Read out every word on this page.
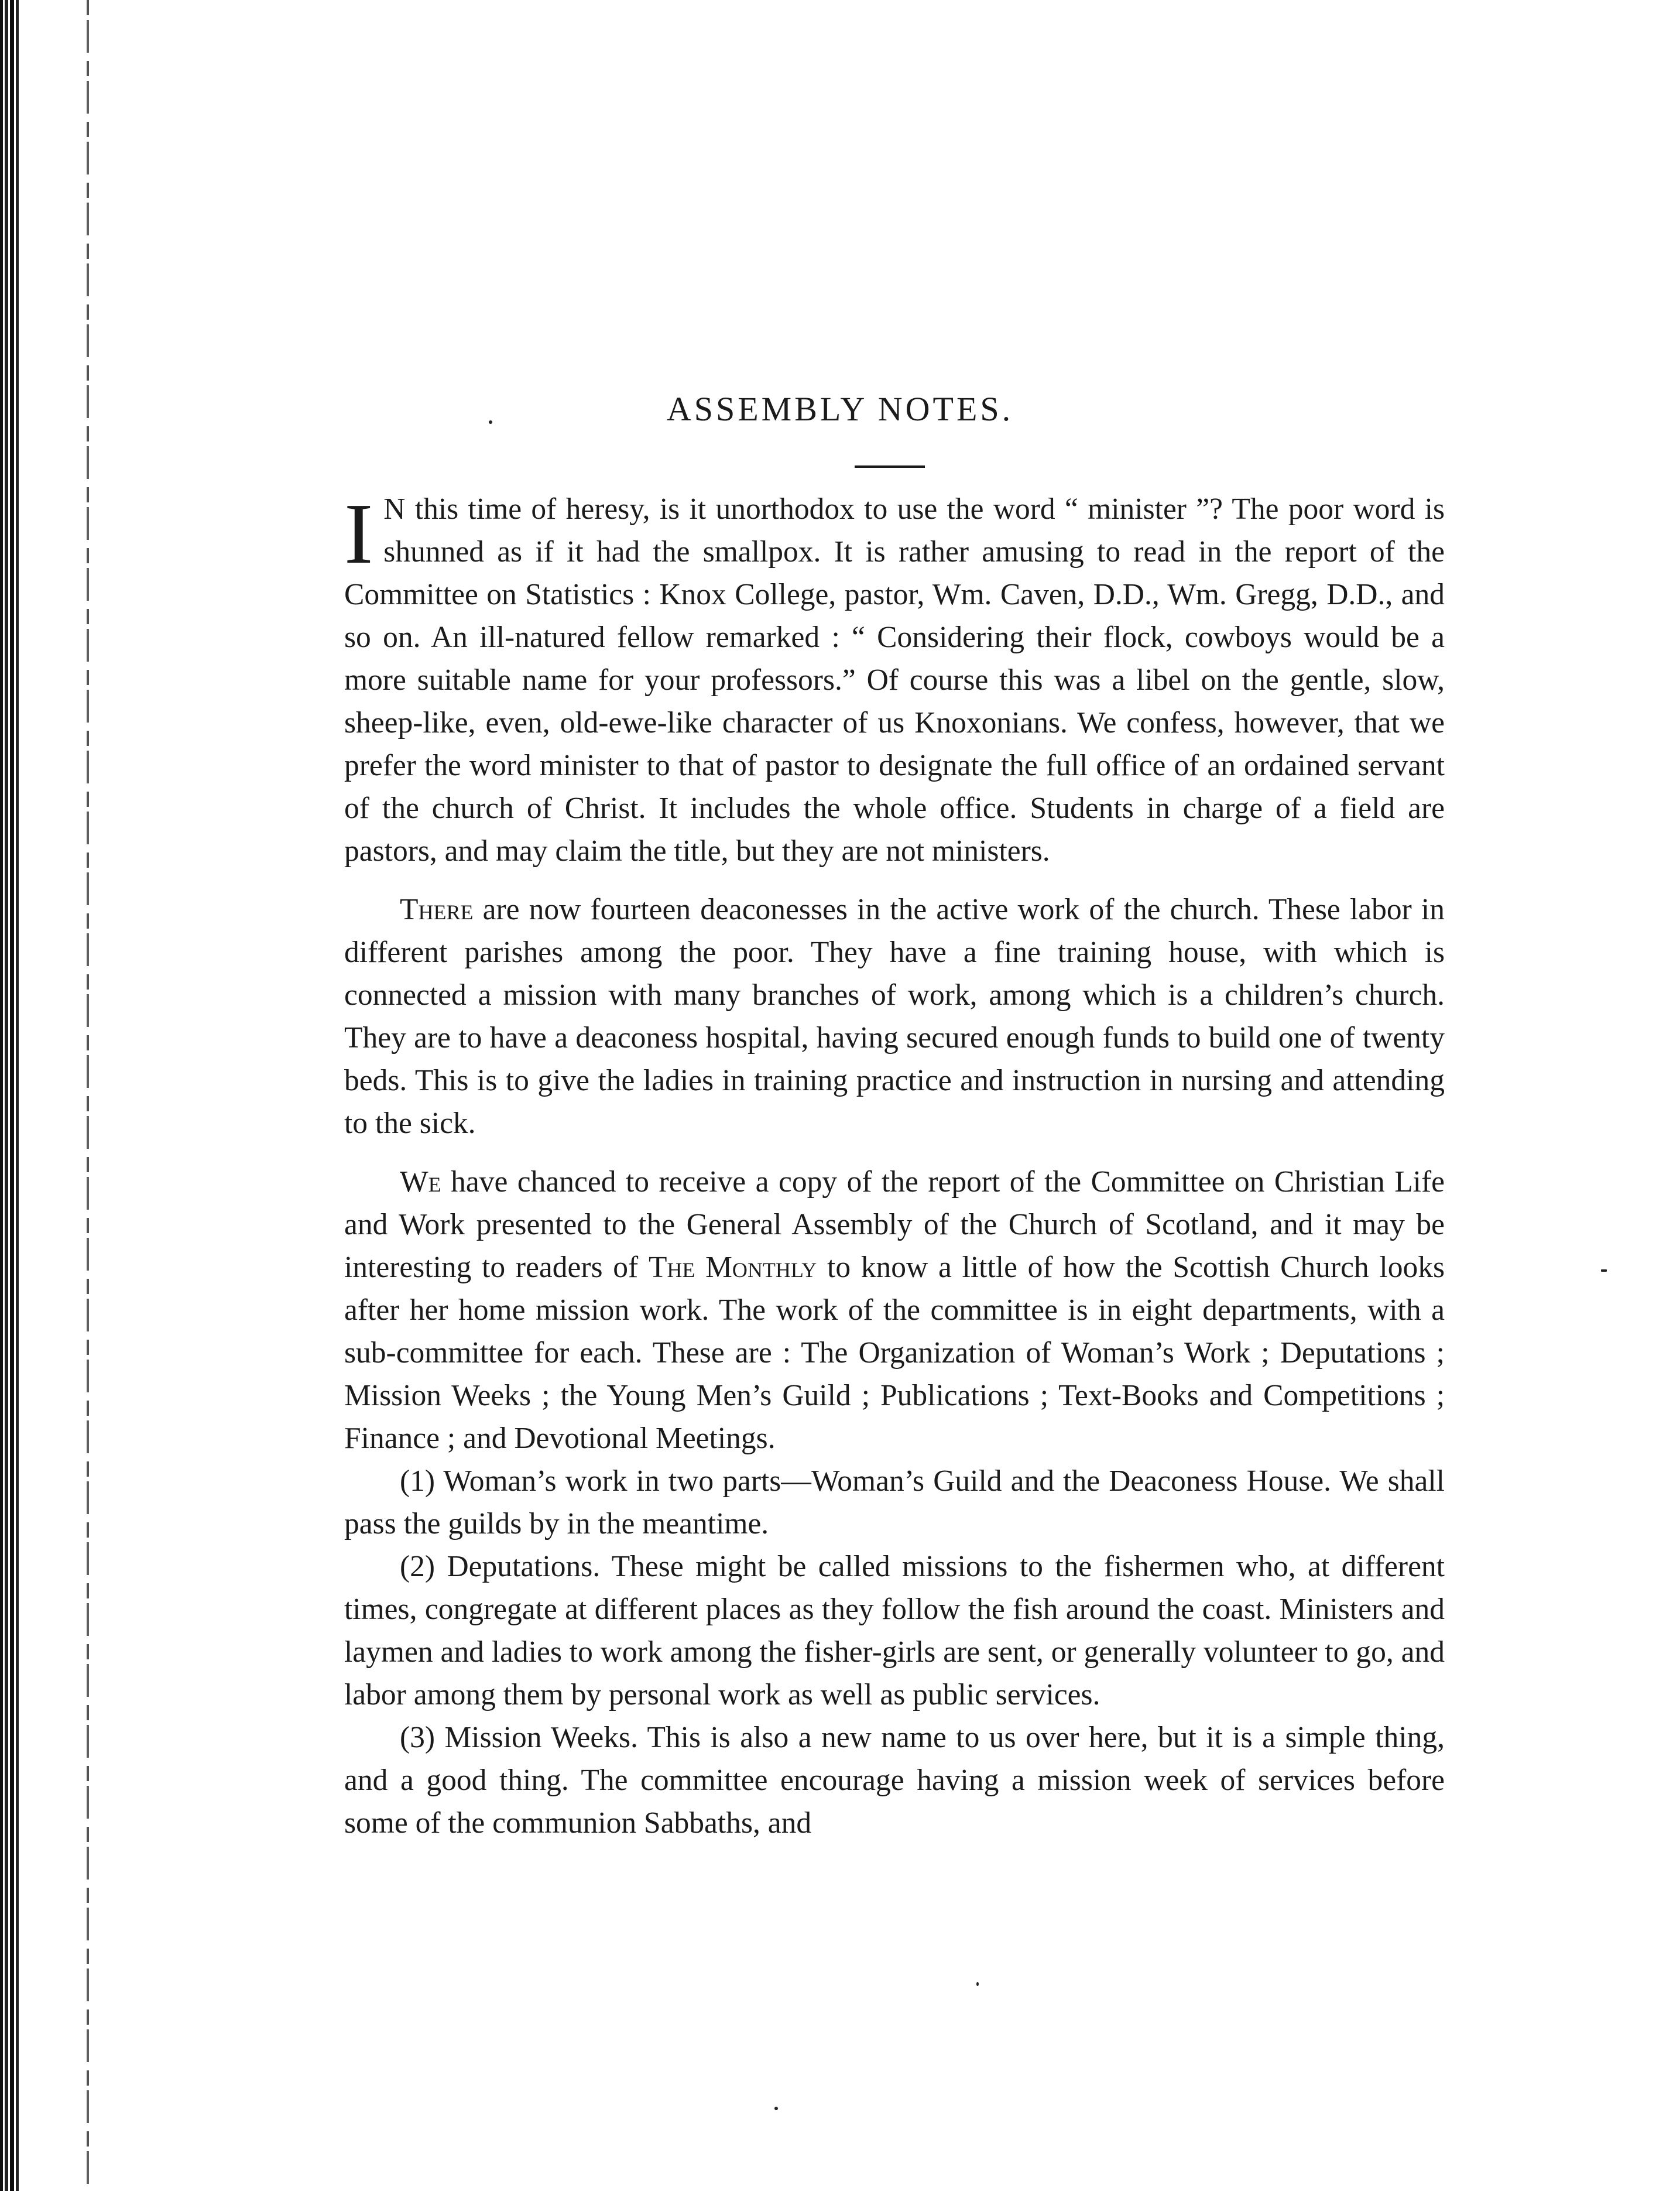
ASSEMBLY NOTES.

I N this time of heresy, is it unorthodox to use the word “ minister ”? The poor word is shunned as if it had the smallpox. It is rather amusing to read in the report of the Committee on Statistics : Knox College, pastor, Wm. Caven, D.D., Wm. Gregg, D.D., and so on. An ill-natured fellow remarked : “ Considering their flock, cowboys would be a more suitable name for your professors.” Of course this was a libel on the gentle, slow, sheep-like, even, old-ewe-like character of us Knoxonians. We confess, however, that we prefer the word minister to that of pastor to designate the full office of an ordained servant of the church of Christ. It includes the whole office. Students in charge of a field are pastors, and may claim the title, but they are not ministers.

There are now fourteen deaconesses in the active work of the church. These labor in different parishes among the poor. They have a fine training house, with which is connected a mission with many branches of work, among which is a children’s church. They are to have a deaconess hospital, having secured enough funds to build one of twenty beds. This is to give the ladies in training practice and instruction in nursing and attending to the sick.

We have chanced to receive a copy of the report of the Committee on Christian Life and Work presented to the General Assembly of the Church of Scotland, and it may be interesting to readers of The Monthly to know a little of how the Scottish Church looks after her home mission work. The work of the committee is in eight departments, with a sub-committee for each. These are : The Organization of Woman’s Work ; Deputations ; Mission Weeks ; the Young Men’s Guild ; Publications ; Text-Books and Competitions ; Finance ; and Devotional Meetings.

(1) Woman’s work in two parts—Woman’s Guild and the Deaconess House. We shall pass the guilds by in the meantime.

(2) Deputations. These might be called missions to the fishermen who, at different times, congregate at different places as they follow the fish around the coast. Ministers and laymen and ladies to work among the fisher-girls are sent, or generally volunteer to go, and labor among them by personal work as well as public services.

(3) Mission Weeks. This is also a new name to us over here, but it is a simple thing, and a good thing. The committee encourage having a mission week of services before some of the communion Sabbaths, and
